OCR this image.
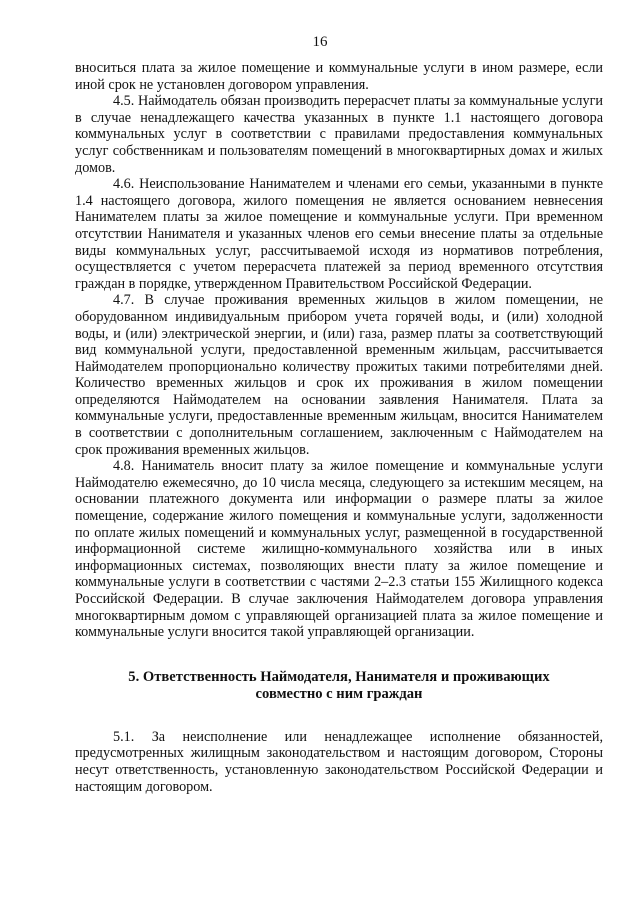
16

вноситься плата за жилое помещение и коммунальные услуги в ином размере, если иной срок не установлен договором управления.

4.5. Наймодатель обязан производить перерасчет платы за коммунальные услуги в случае ненадлежащего качества указанных в пункте 1.1 настоящего договора коммунальных услуг в соответствии с правилами предоставления коммунальных услуг собственникам и пользователям помещений в многоквартирных домах и жилых домов.

4.6. Неиспользование Нанимателем и членами его семьи, указанными в пункте 1.4 настоящего договора, жилого помещения не является основанием невнесения Нанимателем платы за жилое помещение и коммунальные услуги. При временном отсутствии Нанимателя и указанных членов его семьи внесение платы за отдельные виды коммунальных услуг, рассчитываемой исходя из нормативов потребления, осуществляется с учетом перерасчета платежей за период временного отсутствия граждан в порядке, утвержденном Правительством Российской Федерации.

4.7. В случае проживания временных жильцов в жилом помещении, не оборудованном индивидуальным прибором учета горячей воды, и (или) холодной воды, и (или) электрической энергии, и (или) газа, размер платы за соответствующий вид коммунальной услуги, предоставленной временным жильцам, рассчитывается Наймодателем пропорционально количеству прожитых такими потребителями дней. Количество временных жильцов и срок их проживания в жилом помещении определяются Наймодателем на основании заявления Нанимателя. Плата за коммунальные услуги, предоставленные временным жильцам, вносится Нанимателем в соответствии с дополнительным соглашением, заключенным с Наймодателем на срок проживания временных жильцов.

4.8. Наниматель вносит плату за жилое помещение и коммунальные услуги Наймодателю ежемесячно, до 10 числа месяца, следующего за истекшим месяцем, на основании платежного документа или информации о размере платы за жилое помещение, содержание жилого помещения и коммунальные услуги, задолженности по оплате жилых помещений и коммунальных услуг, размещенной в государственной информационной системе жилищно-коммунального хозяйства или в иных информационных системах, позволяющих внести плату за жилое помещение и коммунальные услуги в соответствии с частями 2–2.3 статьи 155 Жилищного кодекса Российской Федерации. В случае заключения Наймодателем договора управления многоквартирным домом с управляющей организацией плата за жилое помещение и коммунальные услуги вносится такой управляющей организации.

5. Ответственность Наймодателя, Нанимателя и проживающих
совместно с ним граждан

5.1. За неисполнение или ненадлежащее исполнение обязанностей, предусмотренных жилищным законодательством и настоящим договором, Стороны несут ответственность, установленную законодательством Российской Федерации и настоящим договором.
